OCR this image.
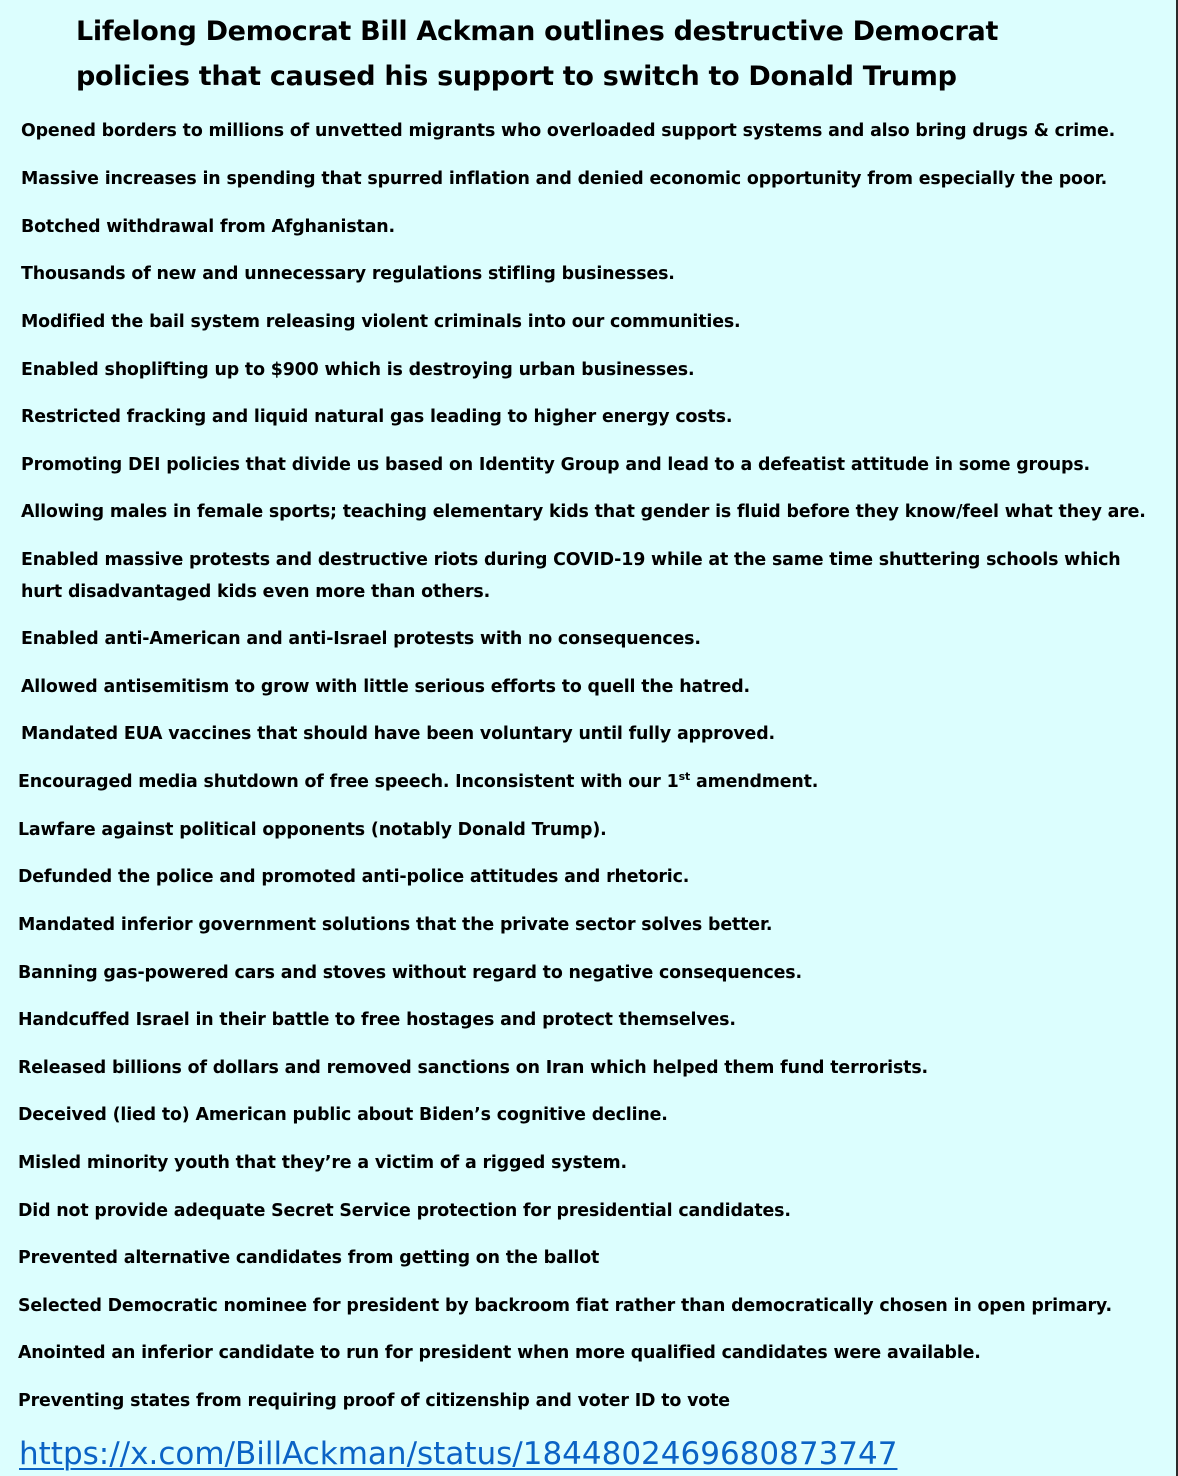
Lifelong Democrat Bill Ackman outlines destructive Democrat
policies that caused his support to switch to Donald Trump

Opened borders to millions of unvetted migrants who overloaded support systems and also bring drugs & crime.

Massive increases in spending that spurred inflation and denied economic opportunity from especially the poor.

Botched withdrawal from Afghanistan.

Thousands of new and unnecessary regulations stifling businesses.

Modified the bail system releasing violent criminals into our communities.

Enabled shoplifting up to $900 which is destroying urban businesses.

Restricted fracking and liquid natural gas leading to higher energy costs.

Promoting DEI policies that divide us based on Identity Group and lead to a defeatist attitude in some groups.

Allowing males in female sports; teaching elementary kids that gender is fluid before they know/feel what they are.

Enabled massive protests and destructive riots during COVID-19 while at the same time shuttering schools which
hurt disadvantaged kids even more than others.

Enabled anti-American and anti-Israel protests with no consequences.

Allowed antisemitism to grow with little serious efforts to quell the hatred.

Mandated EUA vaccines that should have been voluntary until fully approved.

Encouraged media shutdown of free speech. Inconsistent with our 1st amendment.

Lawfare against political opponents (notably Donald Trump).

Defunded the police and promoted anti-police attitudes and rhetoric.

Mandated inferior government solutions that the private sector solves better.

Banning gas-powered cars and stoves without regard to negative consequences.

Handcuffed Israel in their battle to free hostages and protect themselves.

Released billions of dollars and removed sanctions on Iran which helped them fund terrorists.

Deceived (lied to) American public about Biden’s cognitive decline.

Misled minority youth that they’re a victim of a rigged system.

Did not provide adequate Secret Service protection for presidential candidates.

Prevented alternative candidates from getting on the ballot

Selected Democratic nominee for president by backroom fiat rather than democratically chosen in open primary.

Anointed an inferior candidate to run for president when more qualified candidates were available.

Preventing states from requiring proof of citizenship and voter ID to vote

https://x.com/BillAckman/status/1844802469680873747
